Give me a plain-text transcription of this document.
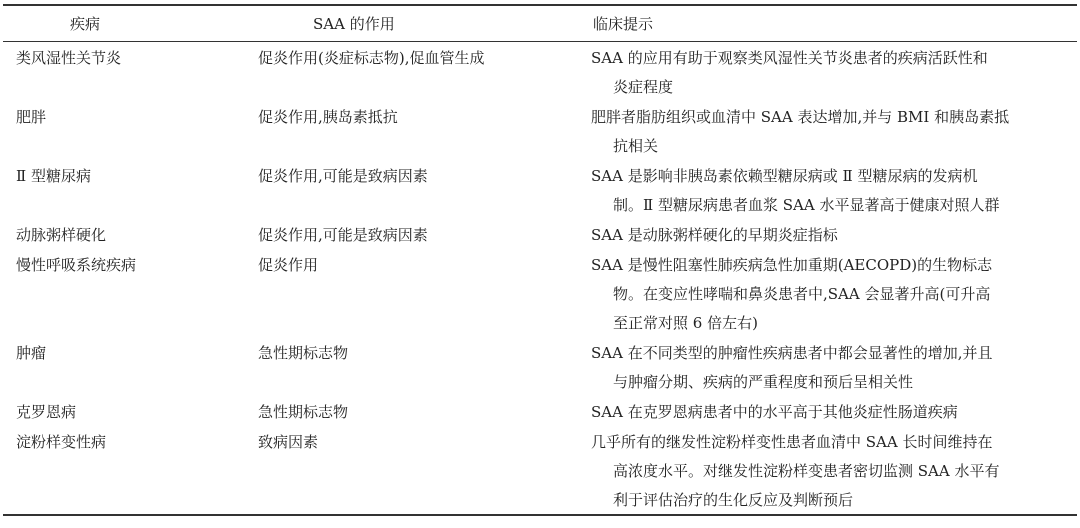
疾病	SAA 的作用	临床提示
类风湿性关节炎	促炎作用(炎症标志物),促血管生成	SAA 的应用有助于观察类风湿性关节炎患者的疾病活跃性和
炎症程度
肥胖	促炎作用,胰岛素抵抗	肥胖者脂肪组织或血清中 SAA 表达增加,并与 BMI 和胰岛素抵
抗相关
Ⅱ 型糖尿病	促炎作用,可能是致病因素	SAA 是影响非胰岛素依赖型糖尿病或 Ⅱ 型糖尿病的发病机
制。Ⅱ 型糖尿病患者血浆 SAA 水平显著高于健康对照人群
动脉粥样硬化	促炎作用,可能是致病因素	SAA 是动脉粥样硬化的早期炎症指标
慢性呼吸系统疾病	促炎作用	SAA 是慢性阻塞性肺疾病急性加重期(AECOPD)的生物标志
物。在变应性哮喘和鼻炎患者中,SAA 会显著升高(可升高
至正常对照 6 倍左右)
肿瘤	急性期标志物	SAA 在不同类型的肿瘤性疾病患者中都会显著性的增加,并且
与肿瘤分期、疾病的严重程度和预后呈相关性
克罗恩病	急性期标志物	SAA 在克罗恩病患者中的水平高于其他炎症性肠道疾病
淀粉样变性病	致病因素	几乎所有的继发性淀粉样变性患者血清中 SAA 长时间维持在
高浓度水平。对继发性淀粉样变患者密切监测 SAA 水平有
利于评估治疗的生化反应及判断预后
